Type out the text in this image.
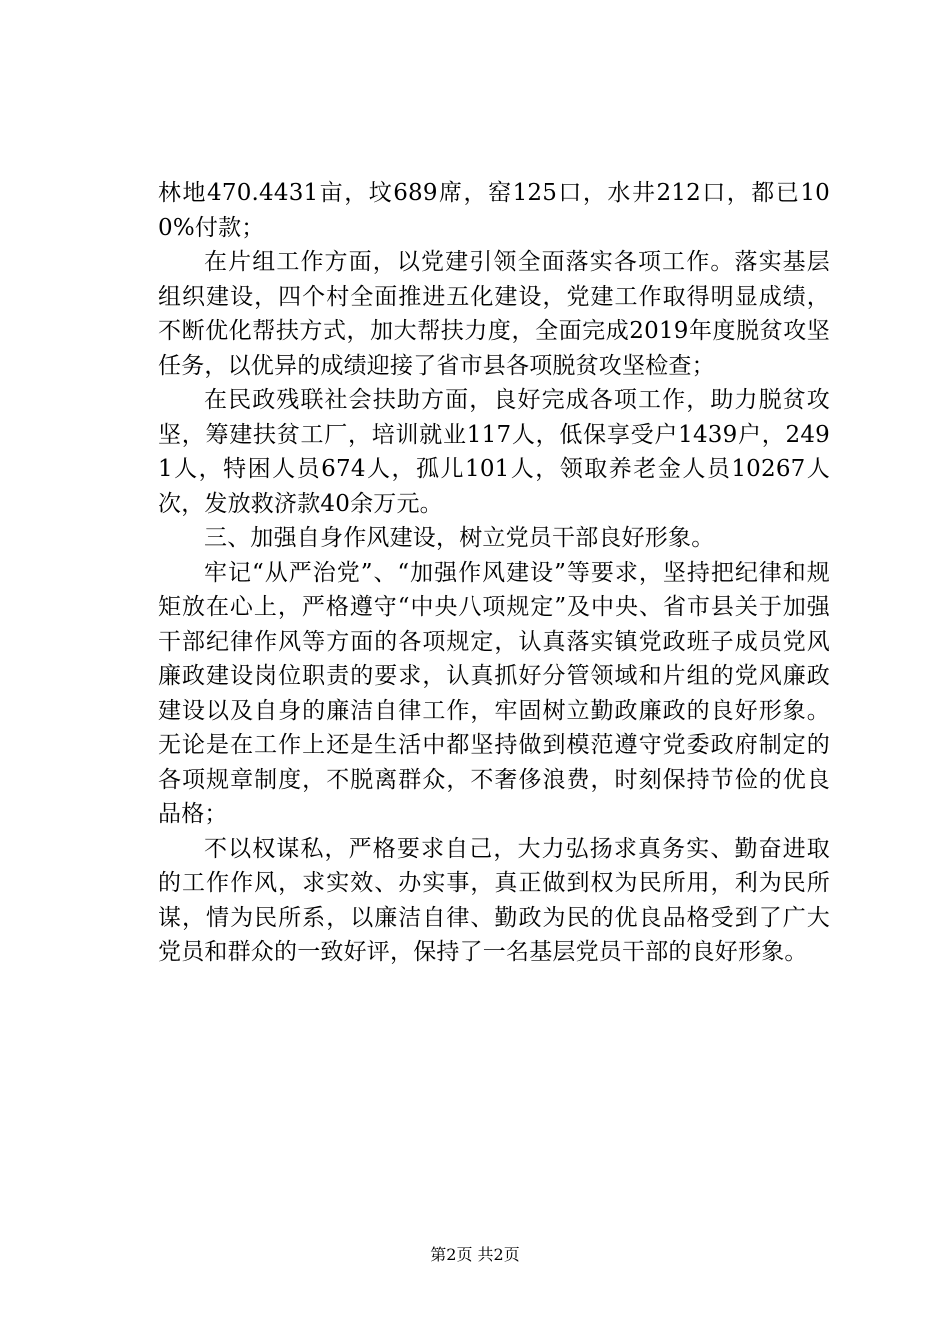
林地470.4431亩，坟689席，窑125口，水井212口，都已100%付款；

在片组工作方面，以党建引领全面落实各项工作。落实基层组织建设，四个村全面推进五化建设，党建工作取得明显成绩，不断优化帮扶方式，加大帮扶力度，全面完成2019年度脱贫攻坚任务，以优异的成绩迎接了省市县各项脱贫攻坚检查；

在民政残联社会扶助方面，良好完成各项工作，助力脱贫攻坚，筹建扶贫工厂，培训就业117人，低保享受户1439户，2491人，特困人员674人，孤儿101人，领取养老金人员10267人次，发放救济款40余万元。

三、加强自身作风建设，树立党员干部良好形象。

牢记“从严治党”、“加强作风建设”等要求，坚持把纪律和规矩放在心上，严格遵守“中央八项规定”及中央、省市县关于加强干部纪律作风等方面的各项规定，认真落实镇党政班子成员党风廉政建设岗位职责的要求，认真抓好分管领域和片组的党风廉政建设以及自身的廉洁自律工作，牢固树立勤政廉政的良好形象。无论是在工作上还是生活中都坚持做到模范遵守党委政府制定的各项规章制度，不脱离群众，不奢侈浪费，时刻保持节俭的优良品格；

不以权谋私，严格要求自己，大力弘扬求真务实、勤奋进取的工作作风，求实效、办实事，真正做到权为民所用，利为民所谋，情为民所系，以廉洁自律、勤政为民的优良品格受到了广大党员和群众的一致好评，保持了一名基层党员干部的良好形象。

第2页 共2页
